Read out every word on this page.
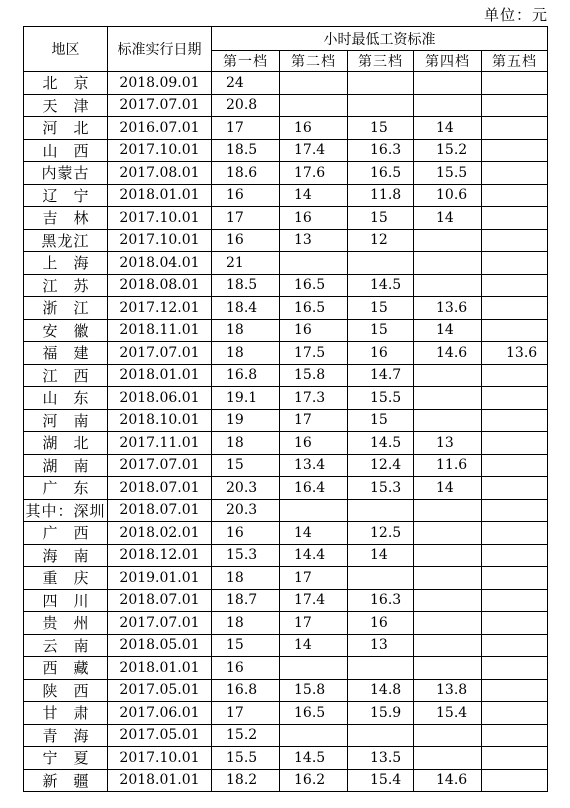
单位：元
地区	标准实行日期	小时最低工资标准				
		第一档	第二档	第三档	第四档	第五档
北京	2018.09.01	24				
天津	2017.07.01	20.8				
河北	2016.07.01	17	16	15	14	
山西	2017.10.01	18.5	17.4	16.3	15.2	
内蒙古	2017.08.01	18.6	17.6	16.5	15.5	
辽宁	2018.01.01	16	14	11.8	10.6	
吉林	2017.10.01	17	16	15	14	
黑龙江	2017.10.01	16	13	12		
上海	2018.04.01	21				
江苏	2018.08.01	18.5	16.5	14.5		
浙江	2017.12.01	18.4	16.5	15	13.6	
安徽	2018.11.01	18	16	15	14	
福建	2017.07.01	18	17.5	16	14.6	13.6
江西	2018.01.01	16.8	15.8	14.7		
山东	2018.06.01	19.1	17.3	15.5		
河南	2018.10.01	19	17	15		
湖北	2017.11.01	18	16	14.5	13	
湖南	2017.07.01	15	13.4	12.4	11.6	
广东	2018.07.01	20.3	16.4	15.3	14	
其中：深圳	2018.07.01	20.3				
广西	2018.02.01	16	14	12.5		
海南	2018.12.01	15.3	14.4	14		
重庆	2019.01.01	18	17			
四川	2018.07.01	18.7	17.4	16.3		
贵州	2017.07.01	18	17	16		
云南	2018.05.01	15	14	13		
西藏	2018.01.01	16				
陕西	2017.05.01	16.8	15.8	14.8	13.8	
甘肃	2017.06.01	17	16.5	15.9	15.4	
青海	2017.05.01	15.2				
宁夏	2017.10.01	15.5	14.5	13.5		
新疆	2018.01.01	18.2	16.2	15.4	14.6	
